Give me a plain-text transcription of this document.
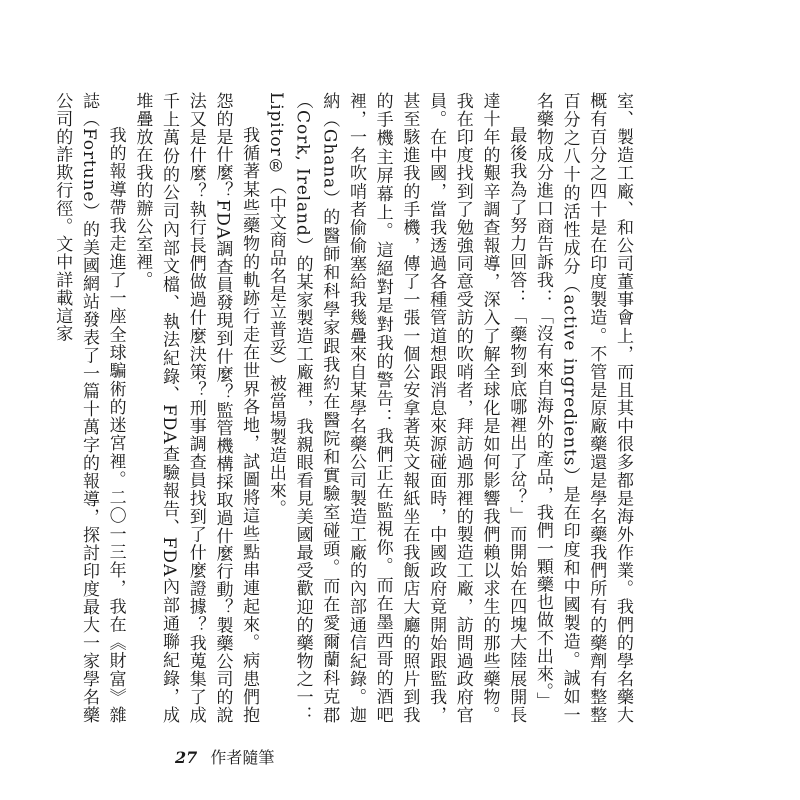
室、製造工廠、和公司董事會上，而且其中很多都是海外作業。我們的學名藥大概有百分之四十是在印度製造。不管是原廠藥還是學名藥我們所有的藥劑有整整百分之八十的活性成分（active ingredients）是在印度和中國製造。誠如一名藥物成分進口商告訴我：「沒有來自海外的產品，我們一顆藥也做不出來。」

最後我為了努力回答：「藥物到底哪裡出了岔？」而開始在四塊大陸展開長達十年的艱辛調查報導，深入了解全球化是如何影響我們賴以求生的那些藥物。我在印度找到了勉強同意受訪的吹哨者，拜訪過那裡的製造工廠，訪問過政府官員。在中國，當我透過各種管道想跟消息來源碰面時，中國政府竟開始跟監我，甚至駭進我的手機，傳了一張一個公安拿著英文報紙坐在我飯店大廳的照片到我的手機主屏幕上。這絕對是對我的警告：我們正在監視你。而在墨西哥的酒吧裡，一名吹哨者偷偷塞給我幾疊來自某學名藥公司製造工廠的內部通信紀錄。迦納（Ghana）的醫師和科學家跟我約在醫院和實驗室碰頭。而在愛爾蘭科克郡（Cork, Ireland）的某家製造工廠裡，我親眼看見美國最受歡迎的藥物之一：Lipitor®（中文商品名是立普妥）被當場製造出來。

我循著某些藥物的軌跡行走在世界各地，試圖將這些點串連起來。病患們抱怨的是什麼？FDA調查員發現到什麼？監管機構採取過什麼行動？製藥公司的說法又是什麼？執行長們做過什麼決策？刑事調查員找到了什麼證據？我蒐集了成千上萬份的公司內部文檔、執法紀錄、FDA查驗報告、FDA內部通聯紀錄，成堆疊放在我的辦公室裡。

我的報導帶我走進了一座全球騙術的迷宮裡。二〇一三年，我在《財富》雜誌（Fortune）的美國網站發表了一篇十萬字的報導，探討印度最大一家學名藥公司的詐欺行徑。文中詳載這家

27 作者隨筆
